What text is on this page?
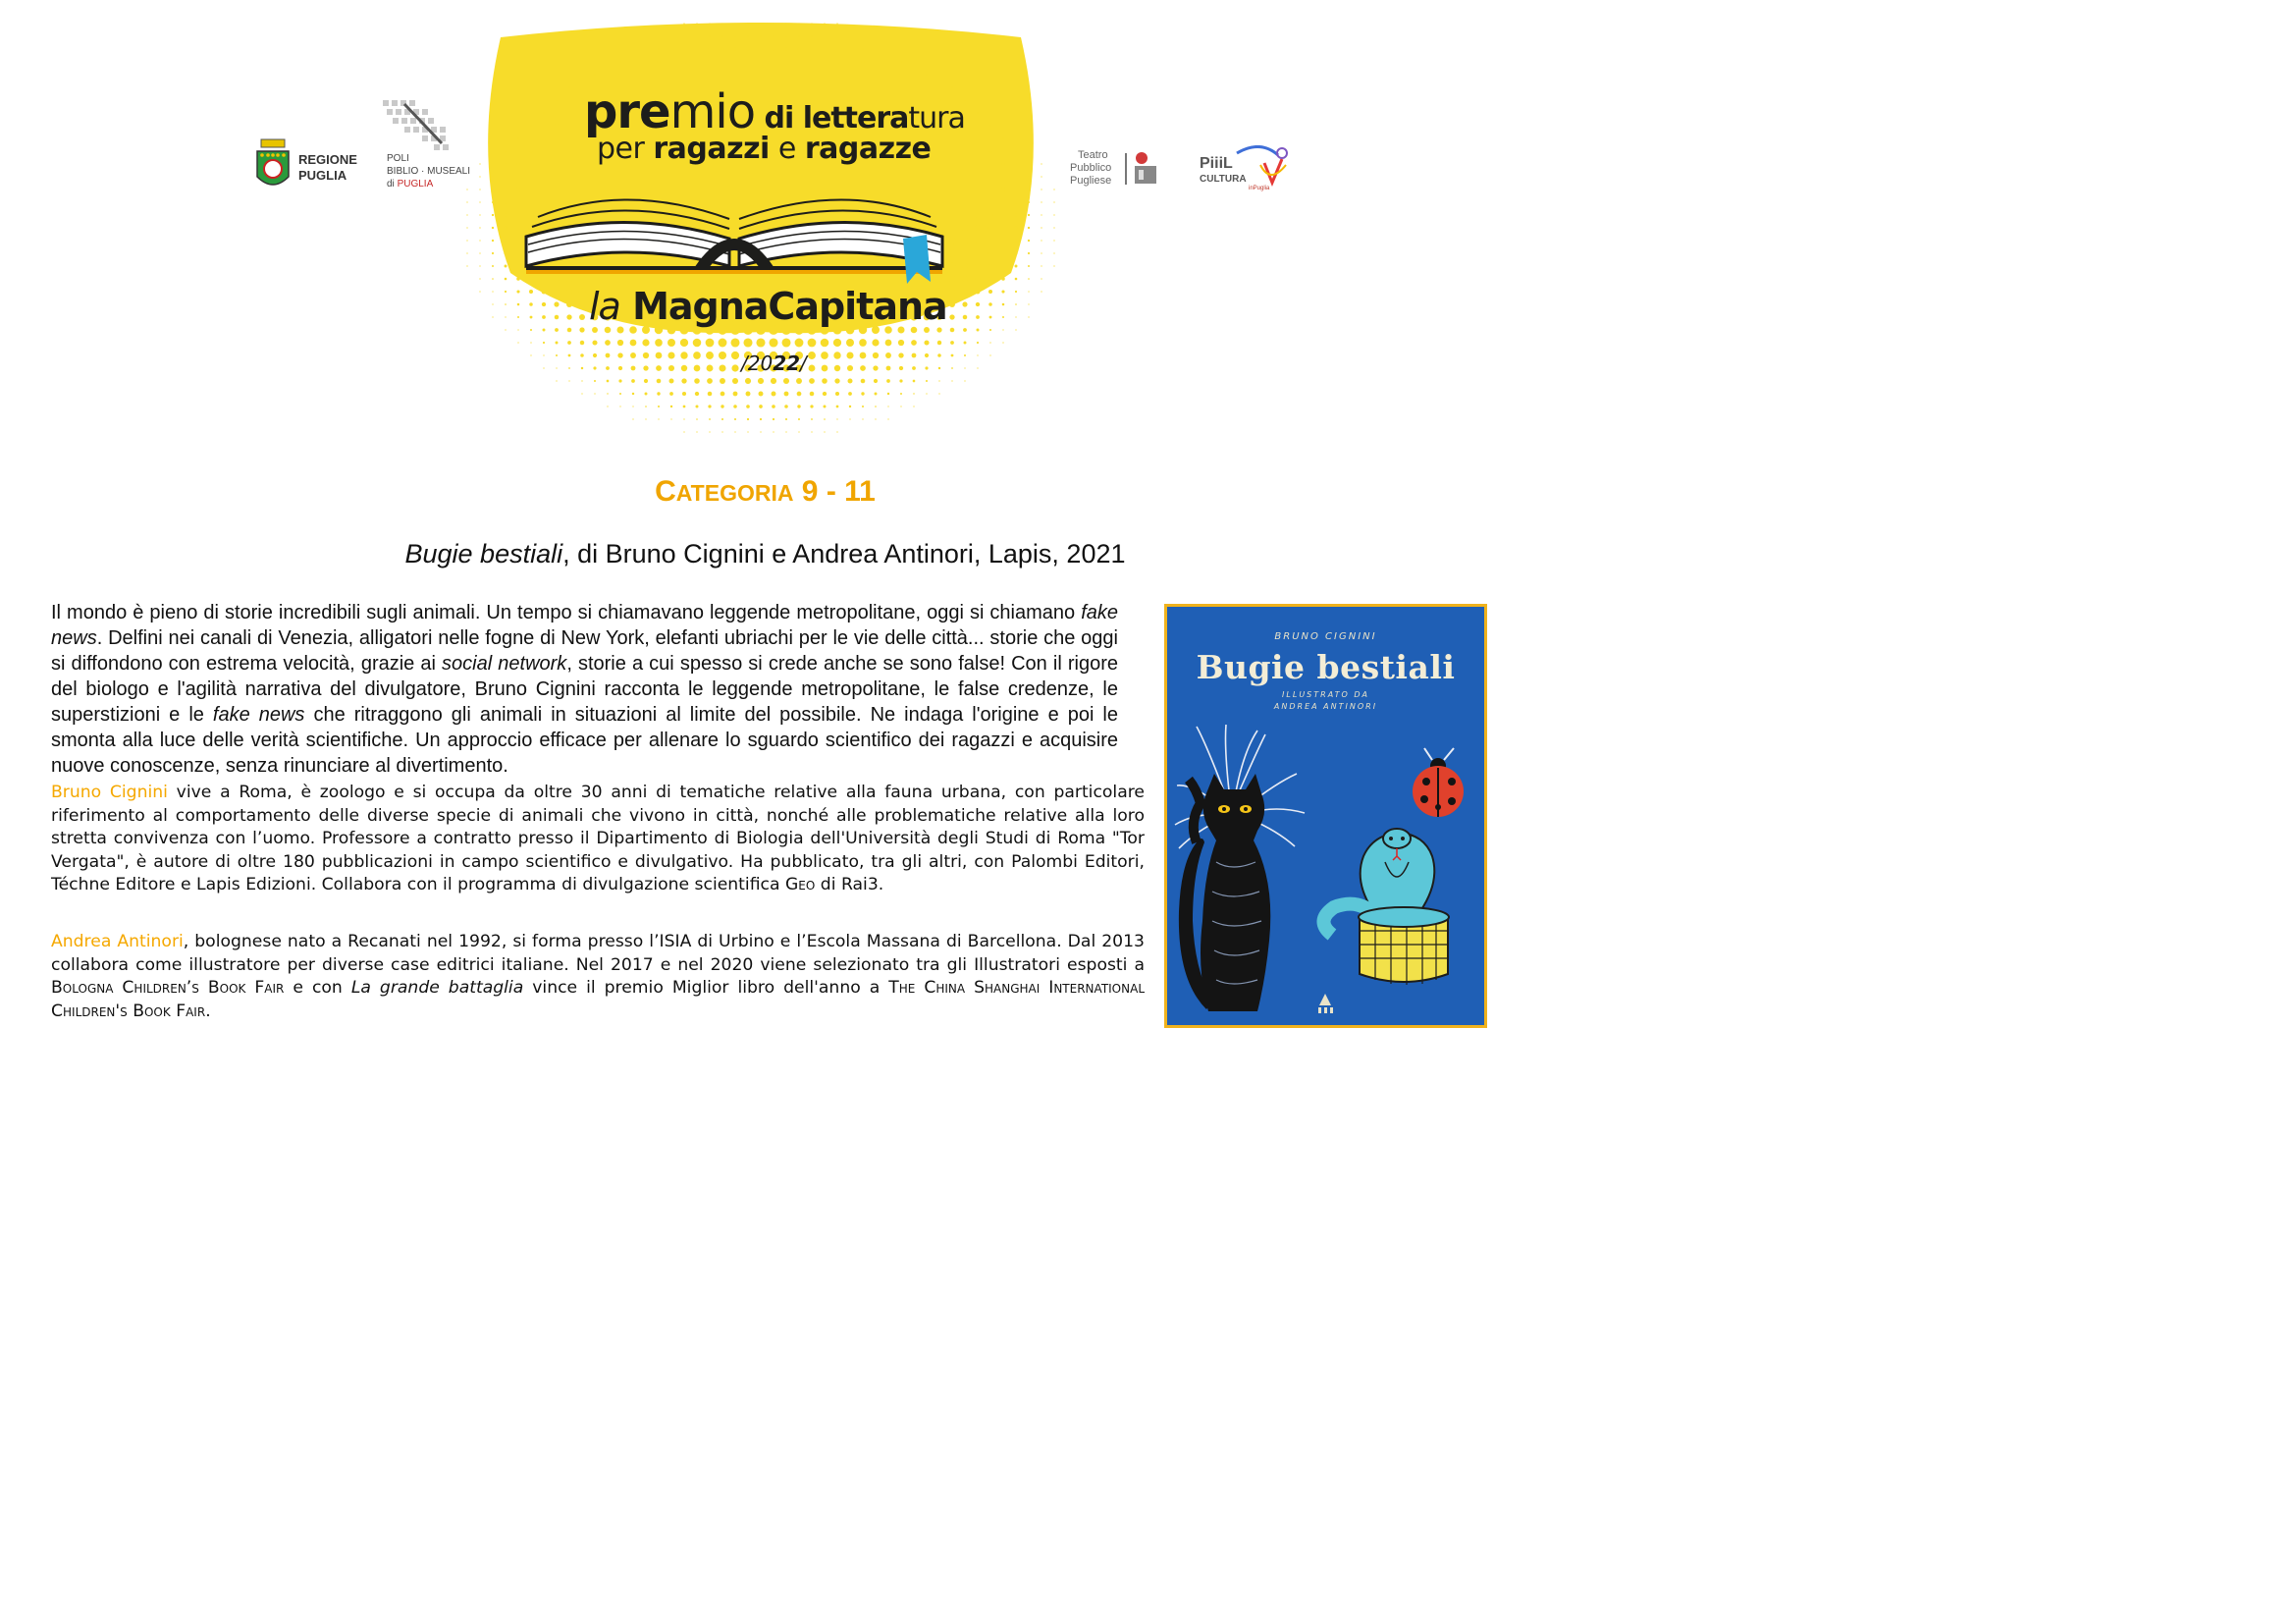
premio di letteratura
per ragazzi e ragazze
la MagnaCapitana
/2022/
REGIONE
PUGLIA
POLI
BIBLIO · MUSEALI
di PUGLIA
Teatro
Pubblico
Pugliese
PiiiL
CULTURA
inPuglia
CATEGORIA 9 - 11
Bugie bestiali, di Bruno Cignini e Andrea Antinori, Lapis, 2021

Il mondo è pieno di storie incredibili sugli animali. Un tempo si chiamavano leggende metropolitane, oggi si chiamano fake news. Delfini nei canali di Venezia, alligatori nelle fogne di New York, elefanti ubriachi per le vie delle città... storie che oggi si diffondono con estrema velocità, grazie ai social network, storie a cui spesso si crede anche se sono false! Con il rigore del biologo e l'agilità narrativa del divulgatore, Bruno Cignini racconta le leggende metropolitane, le false credenze, le superstizioni e le fake news che ritraggono gli animali in situazioni al limite del possibile. Ne indaga l'origine e poi le smonta alla luce delle verità scientifiche. Un approccio efficace per allenare lo sguardo scientifico dei ragazzi e acquisire nuove conoscenze, senza rinunciare al divertimento.

Bruno Cignini vive a Roma, è zoologo e si occupa da oltre 30 anni di tematiche relative alla fauna urbana, con particolare riferimento al comportamento delle diverse specie di animali che vivono in città, nonché alle problematiche relative alla loro stretta convivenza con l’uomo. Professore a contratto presso il Dipartimento di Biologia dell'Università degli Studi di Roma "Tor Vergata", è autore di oltre 180 pubblicazioni in campo scientifico e divulgativo. Ha pubblicato, tra gli altri, con Palombi Editori, Téchne Editore e Lapis Edizioni. Collabora con il programma di divulgazione scientifica Geo di Rai3.

Andrea Antinori, bolognese nato a Recanati nel 1992, si forma presso l’ISIA di Urbino e l’Escola Massana di Barcellona. Dal 2013 collabora come illustratore per diverse case editrici italiane. Nel 2017 e nel 2020 viene selezionato tra gli Illustratori esposti a Bologna Children’s Book Fair e con La grande battaglia vince il premio Miglior libro dell'anno a The China Shanghai International Children's Book Fair.

BRUNO CIGNINI
Bugie bestiali
ILLUSTRATO DA
ANDREA ANTINORI
